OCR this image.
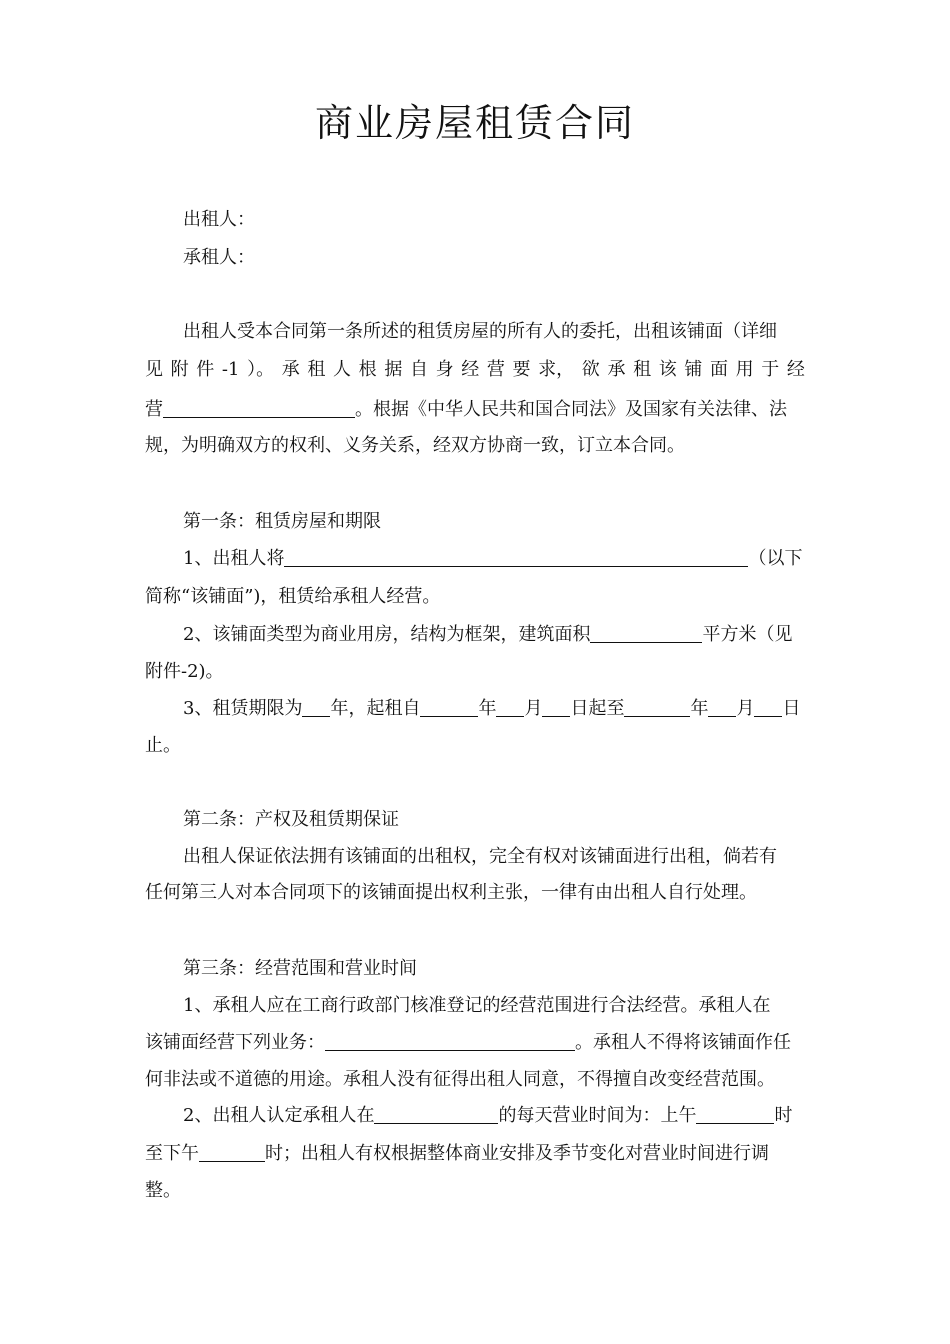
商业房屋租赁合同
出租人：
承租人：
出租人受本合同第一条所述的租赁房屋的所有人的委托，出租该铺面（详细
见 附 件 -1 ）。 承 租 人 根 据 自 身 经 营 要 求， 欲 承 租 该 铺 面 用 于 经
营	。根据《中华人民共和国合同法》及国家有关法律、法
规，为明确双方的权利、义务关系，经双方协商一致，订立本合同。
第一条：租赁房屋和期限
1、出租人将	（以下
简称“该铺面”)，租赁给承租人经营。
2、该铺面类型为商业用房，结构为框架，建筑面积	平方米（见
附件-2)。
3、租赁期限为 年，起租自	年 月 日起至	年 月 日
止。
第二条：产权及租赁期保证
出租人保证依法拥有该铺面的出租权，完全有权对该铺面进行出租，倘若有
任何第三人对本合同项下的该铺面提出权利主张，一律有由出租人自行处理。
第三条：经营范围和营业时间
1、承租人应在工商行政部门核准登记的经营范围进行合法经营。承租人在
该铺面经营下列业务：	。承租人不得将该铺面作任
何非法或不道德的用途。承租人没有征得出租人同意，不得擅自改变经营范围。
2、出租人认定承租人在	的每天营业时间为：上午	时
至下午	时；出租人有权根据整体商业安排及季节变化对营业时间进行调
整。
